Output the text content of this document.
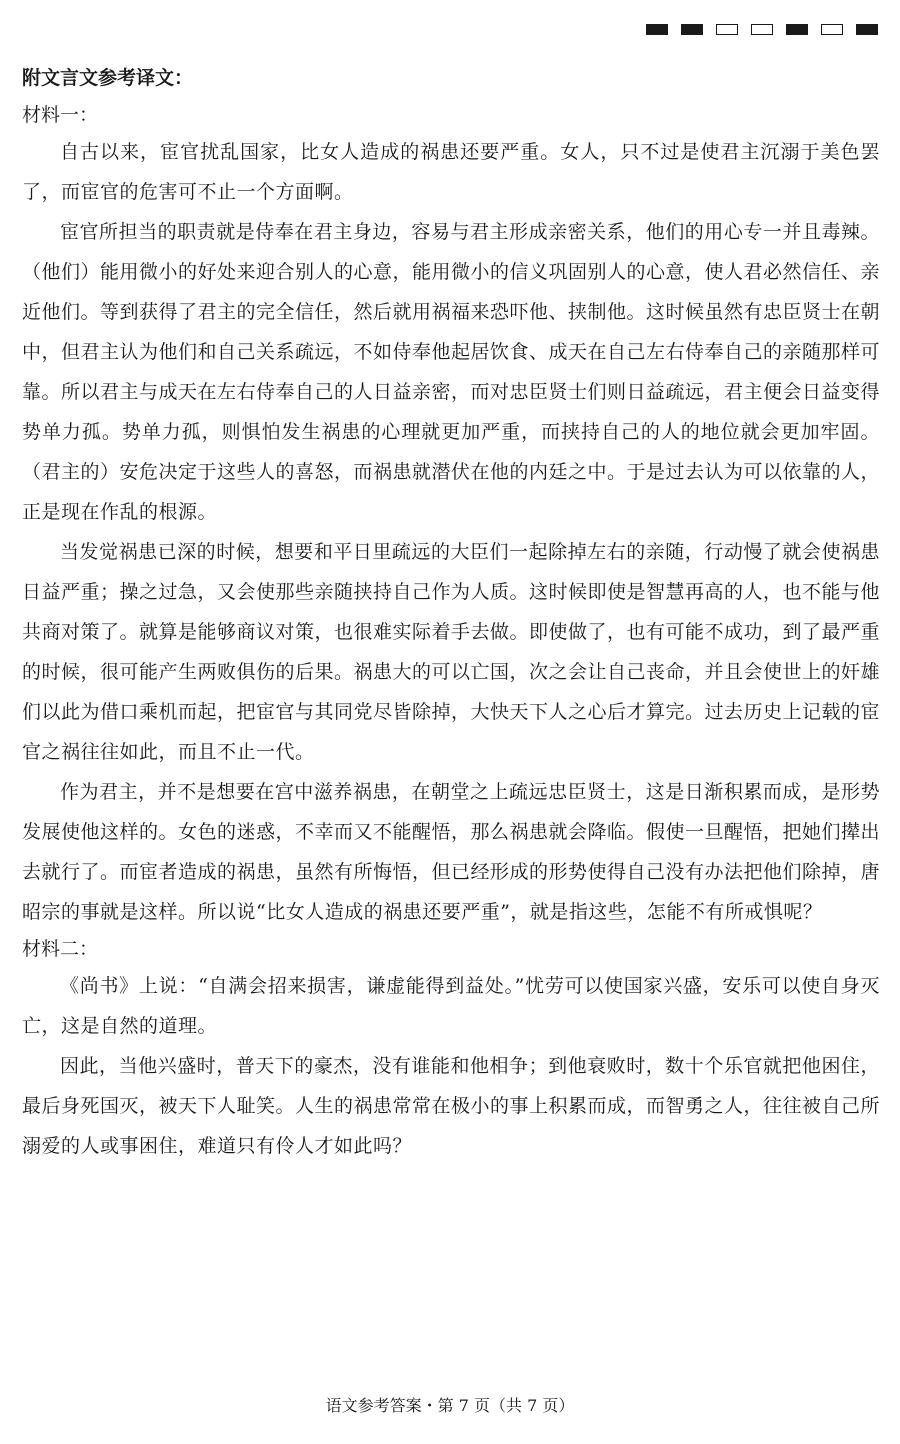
附文言文参考译文：
材料一：

自古以来，宦官扰乱国家，比女人造成的祸患还要严重。女人，只不过是使君主沉溺于美色罢了，而宦官的危害可不止一个方面啊。

宦官所担当的职责就是侍奉在君主身边，容易与君主形成亲密关系，他们的用心专一并且毒辣。（他们）能用微小的好处来迎合别人的心意，能用微小的信义巩固别人的心意，使人君必然信任、亲近他们。等到获得了君主的完全信任，然后就用祸福来恐吓他、挟制他。这时候虽然有忠臣贤士在朝中，但君主认为他们和自己关系疏远，不如侍奉他起居饮食、成天在自己左右侍奉自己的亲随那样可靠。所以君主与成天在左右侍奉自己的人日益亲密，而对忠臣贤士们则日益疏远，君主便会日益变得势单力孤。势单力孤，则惧怕发生祸患的心理就更加严重，而挟持自己的人的地位就会更加牢固。（君主的）安危决定于这些人的喜怒，而祸患就潜伏在他的内廷之中。于是过去认为可以依靠的人，正是现在作乱的根源。

当发觉祸患已深的时候，想要和平日里疏远的大臣们一起除掉左右的亲随，行动慢了就会使祸患日益严重；操之过急，又会使那些亲随挟持自己作为人质。这时候即使是智慧再高的人，也不能与他共商对策了。就算是能够商议对策，也很难实际着手去做。即使做了，也有可能不成功，到了最严重的时候，很可能产生两败俱伤的后果。祸患大的可以亡国，次之会让自己丧命，并且会使世上的奸雄们以此为借口乘机而起，把宦官与其同党尽皆除掉，大快天下人之心后才算完。过去历史上记载的宦官之祸往往如此，而且不止一代。

作为君主，并不是想要在宫中滋养祸患，在朝堂之上疏远忠臣贤士，这是日渐积累而成，是形势发展使他这样的。女色的迷惑，不幸而又不能醒悟，那么祸患就会降临。假使一旦醒悟，把她们撵出去就行了。而宦者造成的祸患，虽然有所悔悟，但已经形成的形势使得自己没有办法把他们除掉，唐昭宗的事就是这样。所以说“比女人造成的祸患还要严重”，就是指这些，怎能不有所戒惧呢？

材料二：

《尚书》上说：“自满会招来损害，谦虚能得到益处。”忧劳可以使国家兴盛，安乐可以使自身灭亡，这是自然的道理。

因此，当他兴盛时，普天下的豪杰，没有谁能和他相争；到他衰败时，数十个乐官就把他困住，最后身死国灭，被天下人耻笑。人生的祸患常常在极小的事上积累而成，而智勇之人，往往被自己所溺爱的人或事困住，难道只有伶人才如此吗？

语文参考答案・第 7 页（共 7 页）
